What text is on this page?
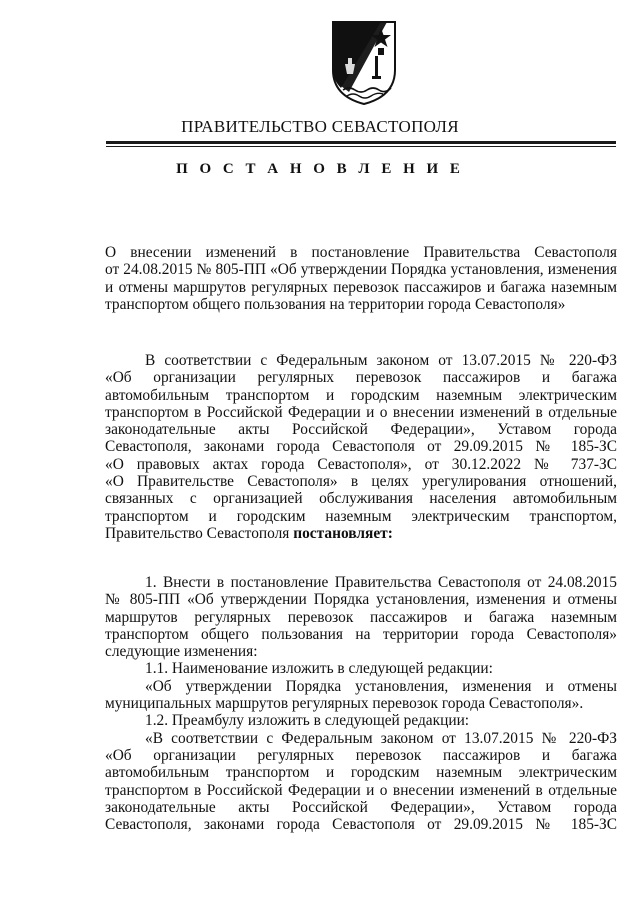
ПРАВИТЕЛЬСТВО СЕВАСТОПОЛЯ
П О С Т А Н О В Л Е Н И Е
О внесении изменений в постановление Правительства Севастополя
от 24.08.2015 № 805-ПП «Об утверждении Порядка установления, изменения
и отмены маршрутов регулярных перевозок пассажиров и багажа наземным
транспортом общего пользования на территории города Севастополя»
В соответствии с Федеральным законом от 13.07.2015 № 220-ФЗ
«Об организации регулярных перевозок пассажиров и багажа
автомобильным транспортом и городским наземным электрическим
транспортом в Российской Федерации и о внесении изменений в отдельные
законодательные акты Российской Федерации», Уставом города
Севастополя, законами города Севастополя от 29.09.2015 № 185-ЗС
«О правовых актах города Севастополя», от 30.12.2022 № 737-ЗС
«О Правительстве Севастополя» в целях урегулирования отношений,
связанных с организацией обслуживания населения автомобильным
транспортом и городским наземным электрическим транспортом,
Правительство Севастополя постановляет:
1. Внести в постановление Правительства Севастополя от 24.08.2015
№ 805-ПП «Об утверждении Порядка установления, изменения и отмены
маршрутов регулярных перевозок пассажиров и багажа наземным
транспортом общего пользования на территории города Севастополя»
следующие изменения:
1.1. Наименование изложить в следующей редакции:
«Об утверждении Порядка установления, изменения и отмены
муниципальных маршрутов регулярных перевозок города Севастополя».
1.2. Преамбулу изложить в следующей редакции:
«В соответствии с Федеральным законом от 13.07.2015 № 220-ФЗ
«Об организации регулярных перевозок пассажиров и багажа
автомобильным транспортом и городским наземным электрическим
транспортом в Российской Федерации и о внесении изменений в отдельные
законодательные акты Российской Федерации», Уставом города
Севастополя, законами города Севастополя от 29.09.2015 № 185-ЗС
